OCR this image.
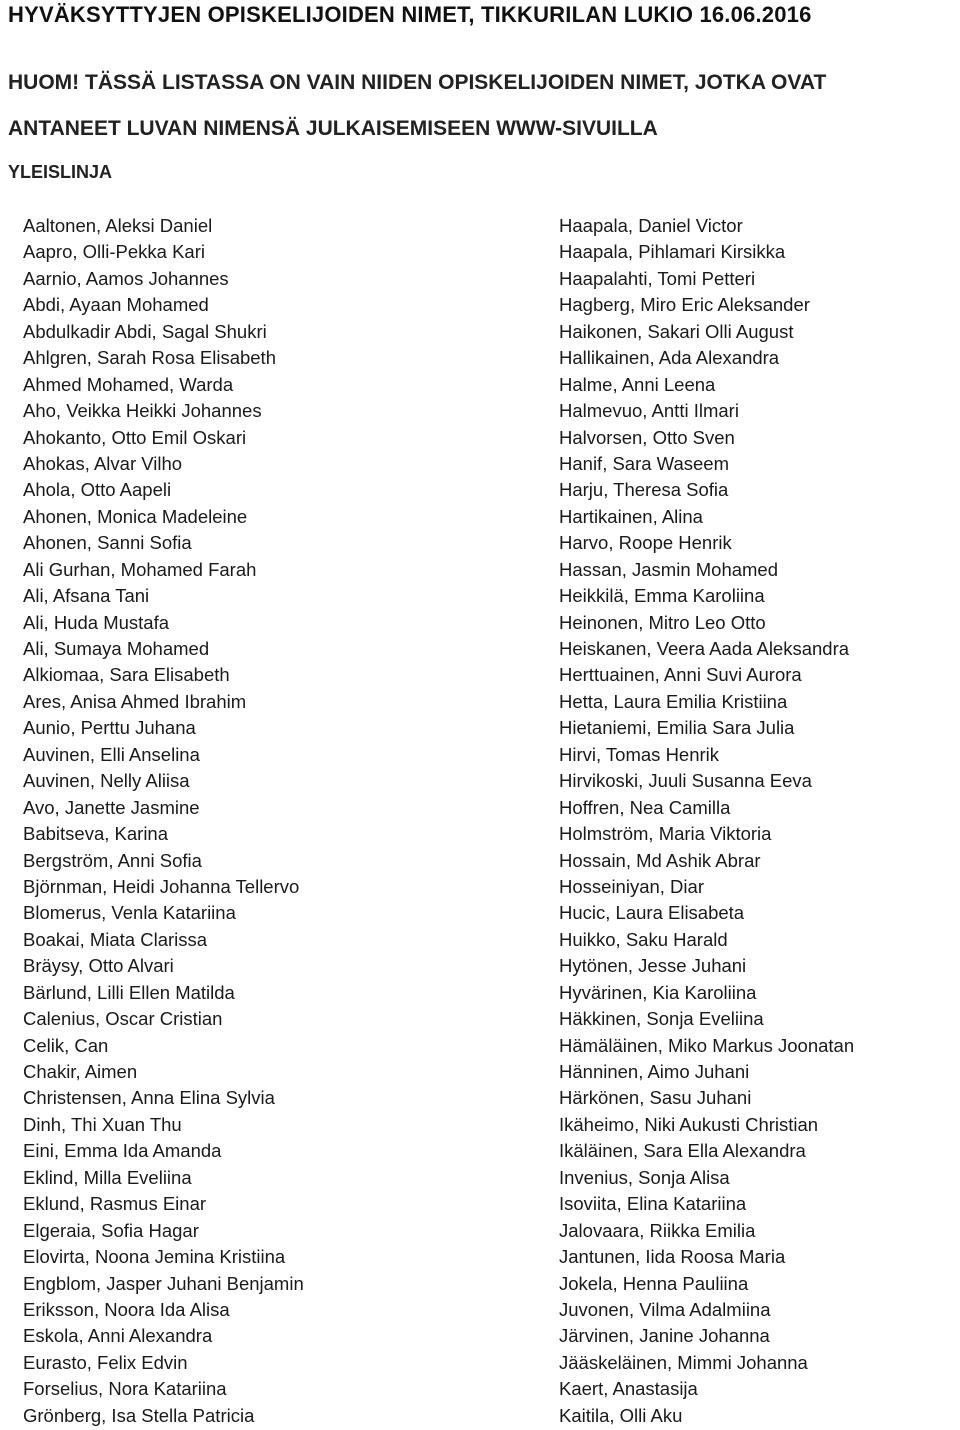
HYVÄKSYTTYJEN OPISKELIJOIDEN NIMET, TIKKURILAN LUKIO 16.06.2016
HUOM! TÄSSÄ LISTASSA ON VAIN NIIDEN OPISKELIJOIDEN NIMET, JOTKA OVAT
ANTANEET LUVAN NIMENSÄ JULKAISEMISEEN WWW-SIVUILLA
YLEISLINJA
Aaltonen, Aleksi Daniel
Aapro, Olli-Pekka Kari
Aarnio, Aamos Johannes
Abdi, Ayaan Mohamed
Abdulkadir Abdi, Sagal Shukri
Ahlgren, Sarah Rosa Elisabeth
Ahmed Mohamed, Warda
Aho, Veikka Heikki Johannes
Ahokanto, Otto Emil Oskari
Ahokas, Alvar Vilho
Ahola, Otto Aapeli
Ahonen, Monica Madeleine
Ahonen, Sanni Sofia
Ali Gurhan, Mohamed Farah
Ali, Afsana Tani
Ali, Huda Mustafa
Ali, Sumaya Mohamed
Alkiomaa, Sara Elisabeth
Ares, Anisa Ahmed Ibrahim
Aunio, Perttu Juhana
Auvinen, Elli Anselina
Auvinen, Nelly Aliisa
Avo, Janette Jasmine
Babitseva, Karina
Bergström, Anni Sofia
Björnman, Heidi Johanna Tellervo
Blomerus, Venla Katariina
Boakai, Miata Clarissa
Bräysy, Otto Alvari
Bärlund, Lilli Ellen Matilda
Calenius, Oscar Cristian
Celik, Can
Chakir, Aimen
Christensen, Anna Elina Sylvia
Dinh, Thi Xuan Thu
Eini, Emma Ida Amanda
Eklind, Milla Eveliina
Eklund, Rasmus Einar
Elgeraia, Sofia Hagar
Elovirta, Noona Jemina Kristiina
Engblom, Jasper Juhani Benjamin
Eriksson, Noora Ida Alisa
Eskola, Anni Alexandra
Eurasto, Felix Edvin
Forselius, Nora Katariina
Grönberg, Isa Stella Patricia
Haapala, Daniel Victor
Haapala, Pihlamari Kirsikka
Haapalahti, Tomi Petteri
Hagberg, Miro Eric Aleksander
Haikonen, Sakari Olli August
Hallikainen, Ada Alexandra
Halme, Anni Leena
Halmevuo, Antti Ilmari
Halvorsen, Otto Sven
Hanif, Sara Waseem
Harju, Theresa Sofia
Hartikainen, Alina
Harvo, Roope Henrik
Hassan, Jasmin Mohamed
Heikkilä, Emma Karoliina
Heinonen, Mitro Leo Otto
Heiskanen, Veera Aada Aleksandra
Herttuainen, Anni Suvi Aurora
Hetta, Laura Emilia Kristiina
Hietaniemi, Emilia Sara Julia
Hirvi, Tomas Henrik
Hirvikoski, Juuli Susanna Eeva
Hoffren, Nea Camilla
Holmström, Maria Viktoria
Hossain, Md Ashik Abrar
Hosseiniyan, Diar
Hucic, Laura Elisabeta
Huikko, Saku Harald
Hytönen, Jesse Juhani
Hyvärinen, Kia Karoliina
Häkkinen, Sonja Eveliina
Hämäläinen, Miko Markus Joonatan
Hänninen, Aimo Juhani
Härkönen, Sasu Juhani
Ikäheimo, Niki Aukusti Christian
Ikäläinen, Sara Ella Alexandra
Invenius, Sonja Alisa
Isoviita, Elina Katariina
Jalovaara, Riikka Emilia
Jantunen, Iida Roosa Maria
Jokela, Henna Pauliina
Juvonen, Vilma Adalmiina
Järvinen, Janine Johanna
Jääskeläinen, Mimmi Johanna
Kaert, Anastasija
Kaitila, Olli Aku
